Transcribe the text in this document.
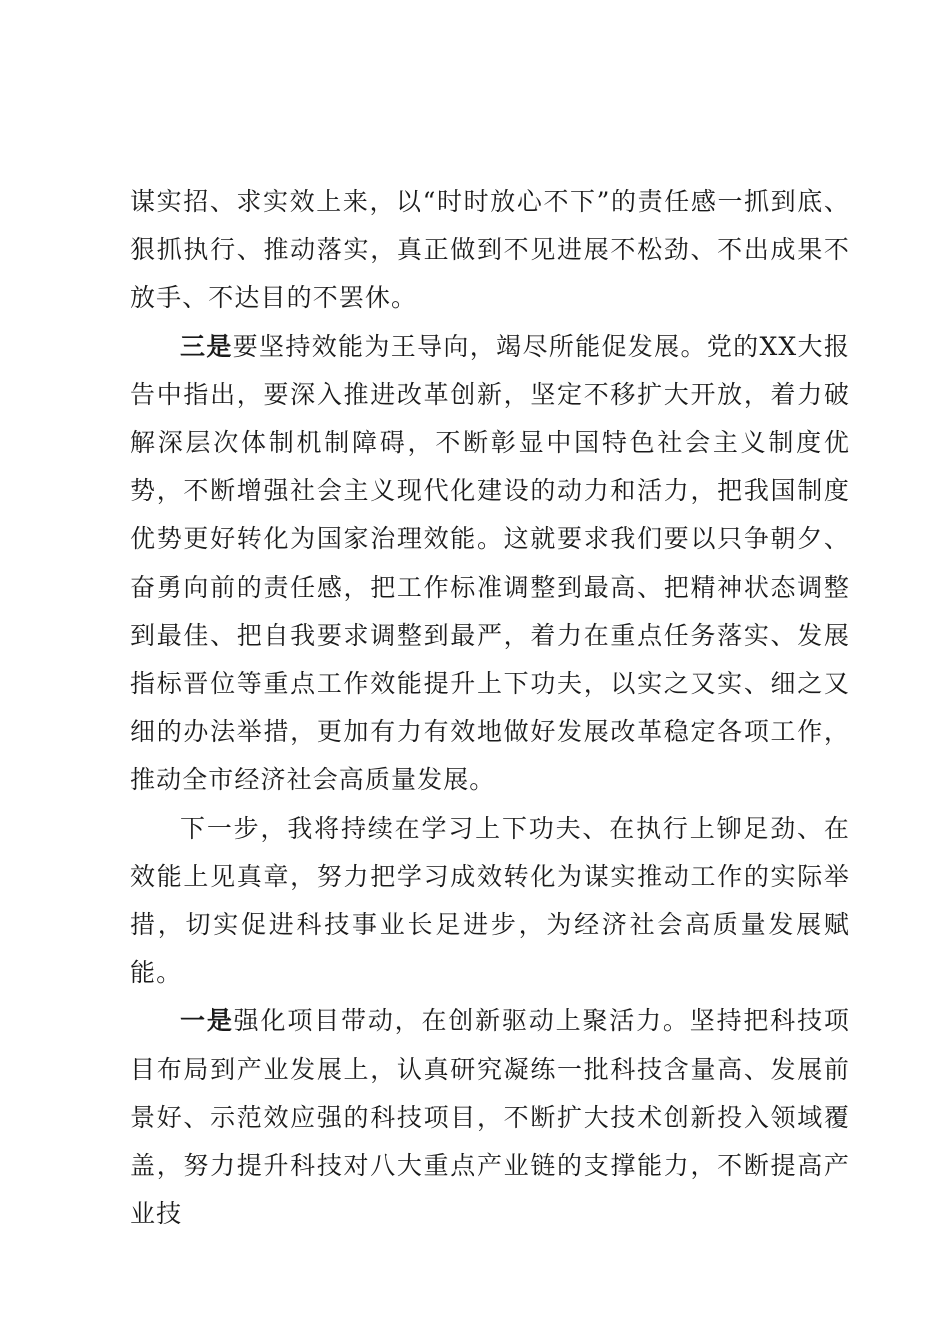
谋实招、求实效上来，以“时时放心不下”的责任感一抓到底、狠抓执行、推动落实，真正做到不见进展不松劲、不出成果不放手、不达目的不罢休。

三是要坚持效能为王导向，竭尽所能促发展。党的XX大报告中指出，要深入推进改革创新，坚定不移扩大开放，着力破解深层次体制机制障碍，不断彰显中国特色社会主义制度优势，不断增强社会主义现代化建设的动力和活力，把我国制度优势更好转化为国家治理效能。这就要求我们要以只争朝夕、奋勇向前的责任感，把工作标准调整到最高、把精神状态调整到最佳、把自我要求调整到最严，着力在重点任务落实、发展指标晋位等重点工作效能提升上下功夫，以实之又实、细之又细的办法举措，更加有力有效地做好发展改革稳定各项工作，推动全市经济社会高质量发展。

下一步，我将持续在学习上下功夫、在执行上铆足劲、在效能上见真章，努力把学习成效转化为谋实推动工作的实际举措，切实促进科技事业长足进步，为经济社会高质量发展赋能。

一是强化项目带动，在创新驱动上聚活力。坚持把科技项目布局到产业发展上，认真研究凝练一批科技含量高、发展前景好、示范效应强的科技项目，不断扩大技术创新投入领域覆盖，努力提升科技对八大重点产业链的支撑能力，不断提高产业技
